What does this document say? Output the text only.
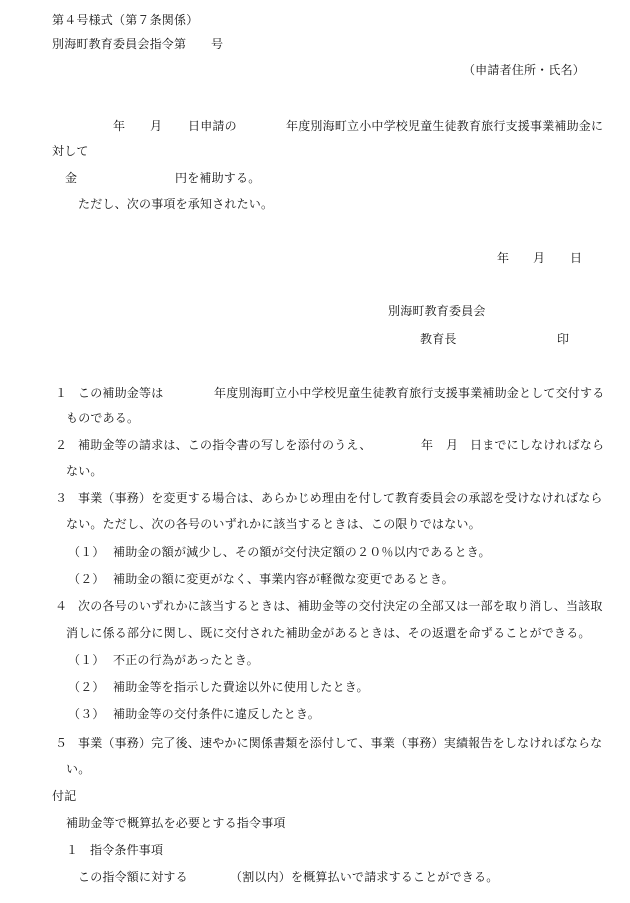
第４号様式（第７条関係）
別海町教育委員会指令第 号
（申請者住所・氏名）
年 月 日申請の	年度別海町立小中学校児童生徒教育旅行支援事業補助金に
対して
金	円を補助する。
ただし、次の事項を承知されたい。
年 月 日
別海町教育委員会
教育長	印
１ この補助金等は	年度別海町立小中学校児童生徒教育旅行支援事業補助金として交付する
ものである。
２ 補助金等の請求は、この指令書の写しを添付のうえ、	年 月 日までにしなければなら
ない。
３ 事業（事務）を変更する場合は、あらかじめ理由を付して教育委員会の承認を受けなければなら
ない。ただし、次の各号のいずれかに該当するときは、この限りではない。
（１） 補助金の額が減少し、その額が交付決定額の２０％以内であるとき。
（２） 補助金の額に変更がなく、事業内容が軽微な変更であるとき。
４ 次の各号のいずれかに該当するときは、補助金等の交付決定の全部又は一部を取り消し、当該取
消しに係る部分に関し、既に交付された補助金があるときは、その返還を命ずることができる。
（１） 不正の行為があったとき。
（２） 補助金等を指示した費途以外に使用したとき。
（３） 補助金等の交付条件に違反したとき。
５ 事業（事務）完了後、速やかに関係書類を添付して、事業（事務）実績報告をしなければならな
い。
付記
補助金等で概算払を必要とする指令事項
１ 指令条件事項
この指令額に対する	（割以内）を概算払いで請求することができる。
